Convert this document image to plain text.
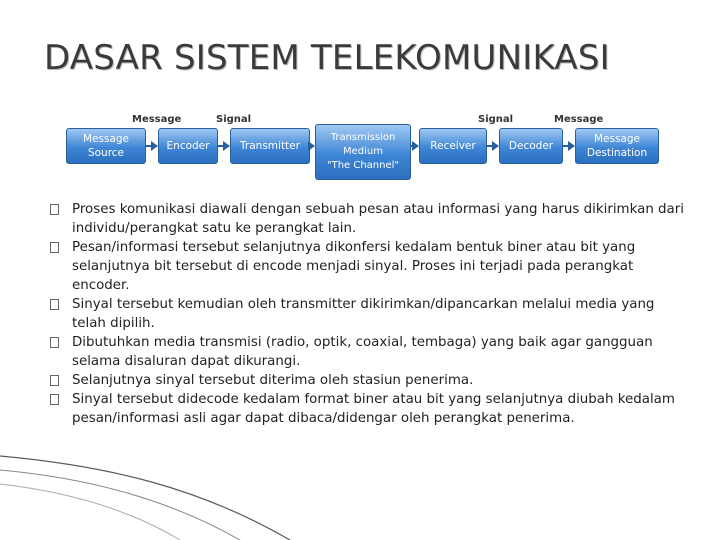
DASAR SISTEM TELEKOMUNIKASI
Message	Signal	Signal	Message
Message
Source
Encoder	Transmitter
Transmission
Medium
"The Channel"
Receiver	Decoder
Message
Destination
Proses komunikasi diawali dengan sebuah pesan atau informasi yang harus dikirimkan dari individu/perangkat satu ke perangkat lain.
Pesan/informasi tersebut selanjutnya dikonfersi kedalam bentuk biner atau bit yang selanjutnya bit tersebut di encode menjadi sinyal. Proses ini terjadi pada perangkat encoder.
Sinyal tersebut kemudian oleh transmitter dikirimkan/dipancarkan melalui media yang telah dipilih.
Dibutuhkan media transmisi (radio, optik, coaxial, tembaga) yang baik agar gangguan selama disaluran dapat dikurangi.
Selanjutnya sinyal tersebut diterima oleh stasiun penerima.
Sinyal tersebut didecode kedalam format biner atau bit yang selanjutnya diubah kedalam pesan/informasi asli agar dapat dibaca/didengar oleh perangkat penerima.
